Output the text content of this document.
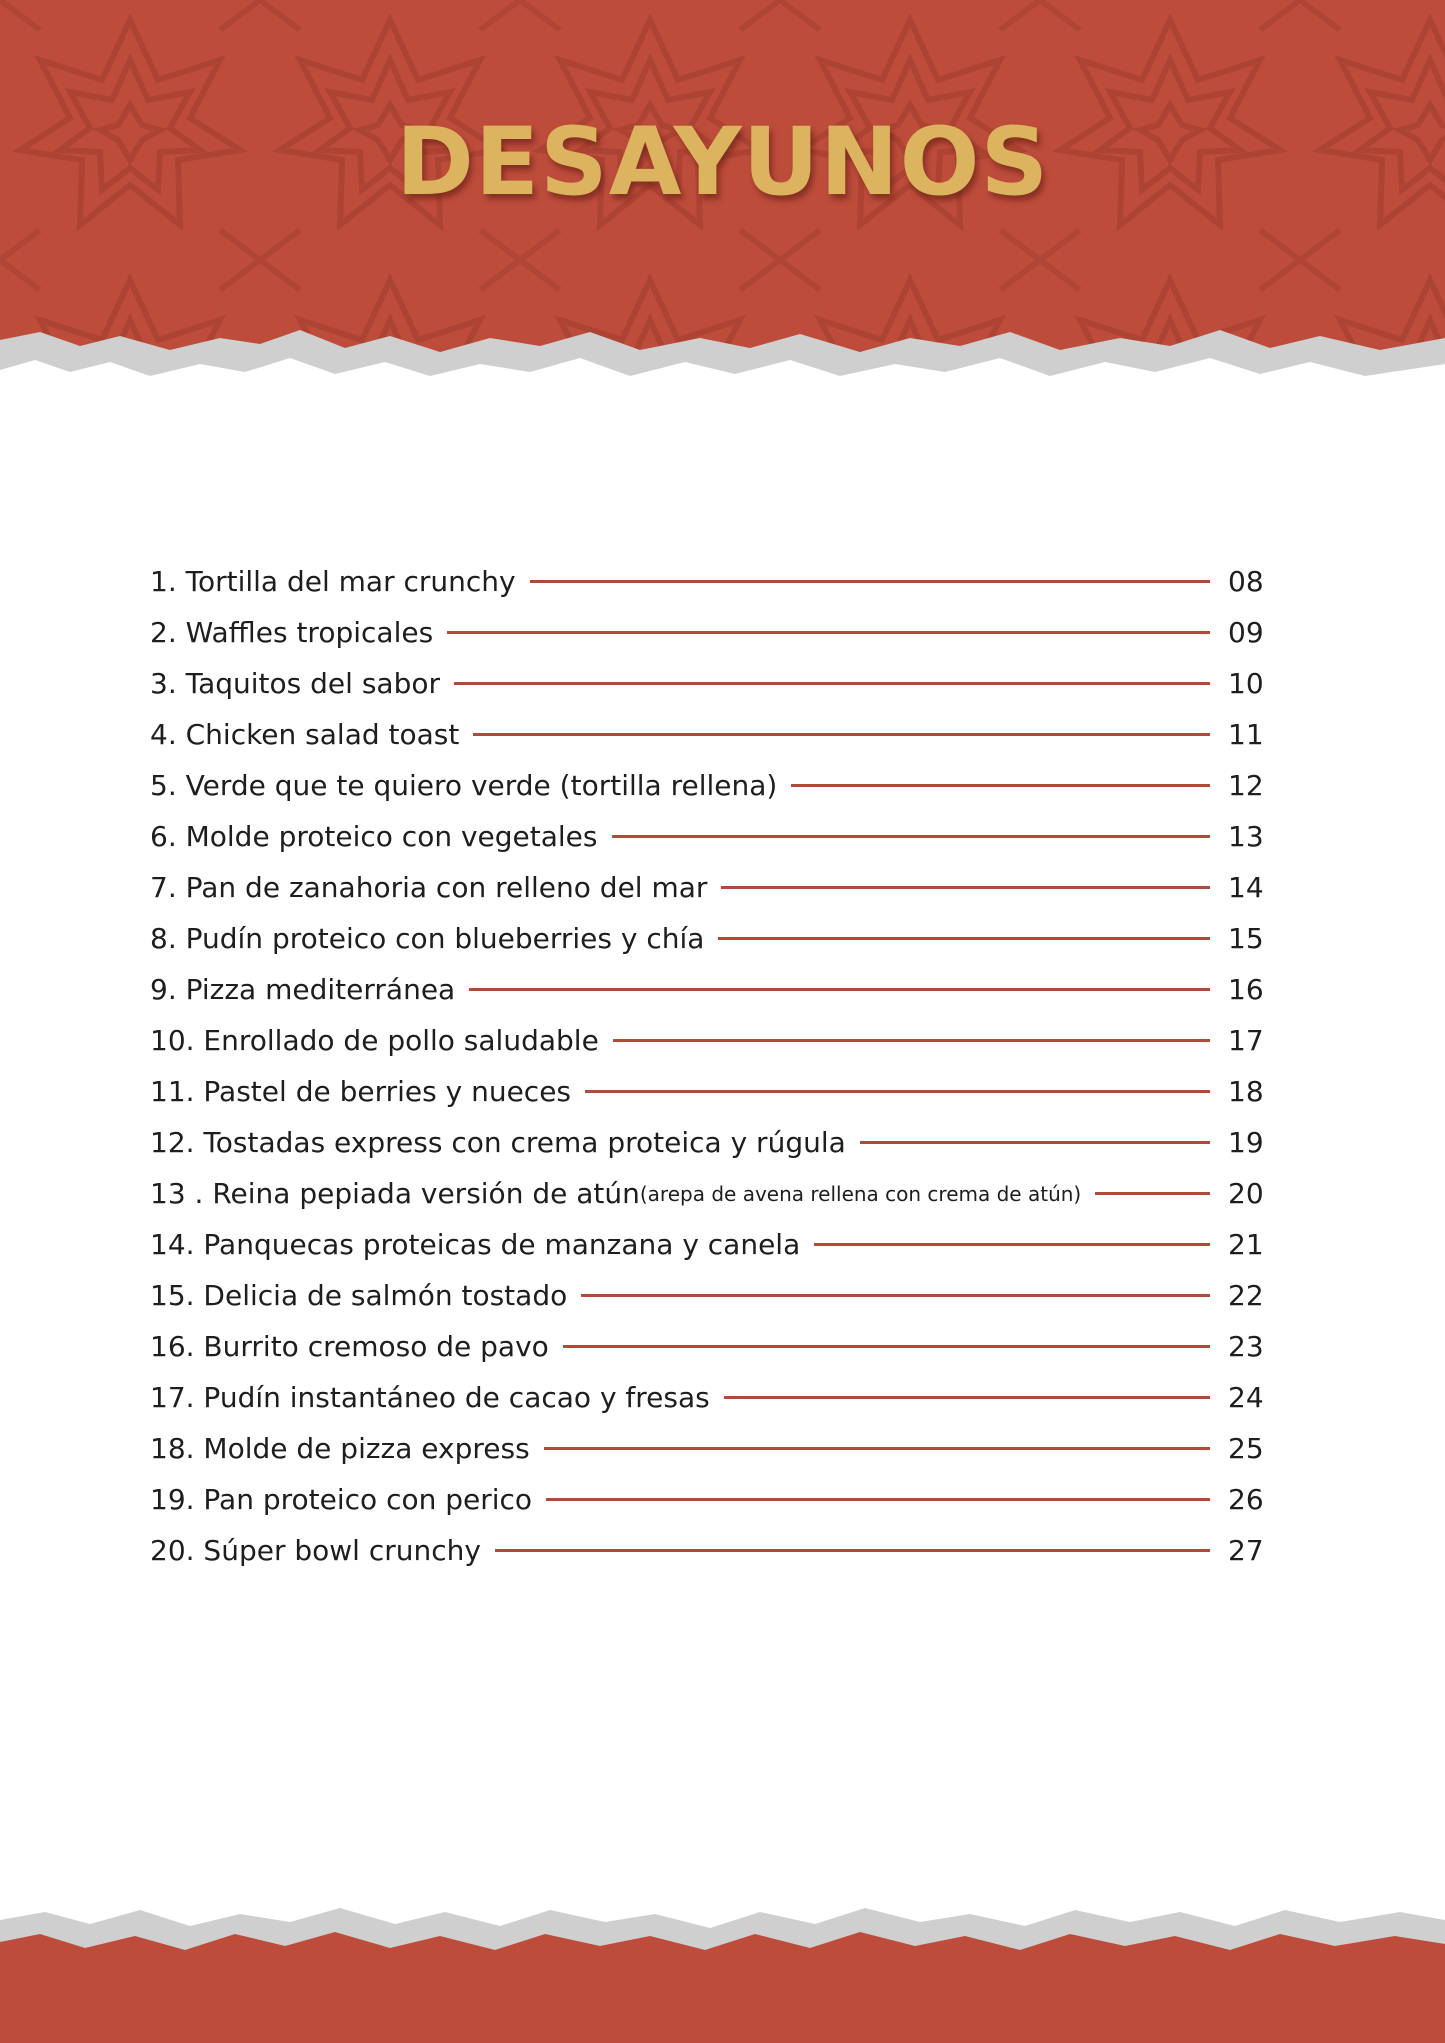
DESAYUNOS
1. Tortilla del mar crunchy	08
2. Waffles tropicales	09
3. Taquitos del sabor	10
4. Chicken salad toast	11
5. Verde que te quiero verde (tortilla rellena)	12
6. Molde proteico con vegetales	13
7. Pan de zanahoria con relleno del mar	14
8. Pudín proteico con blueberries y chía	15
9. Pizza mediterránea	16
10. Enrollado de pollo saludable	17
11. Pastel de berries y nueces	18
12. Tostadas express con crema proteica y rúgula	19
13 . Reina pepiada versión de atún (arepa de avena rellena con crema de atún)	20
14. Panquecas proteicas de manzana y canela	21
15. Delicia de salmón tostado	22
16. Burrito cremoso de pavo	23
17. Pudín instantáneo de cacao y fresas	24
18. Molde de pizza express	25
19. Pan proteico con perico	26
20. Súper bowl crunchy	27
